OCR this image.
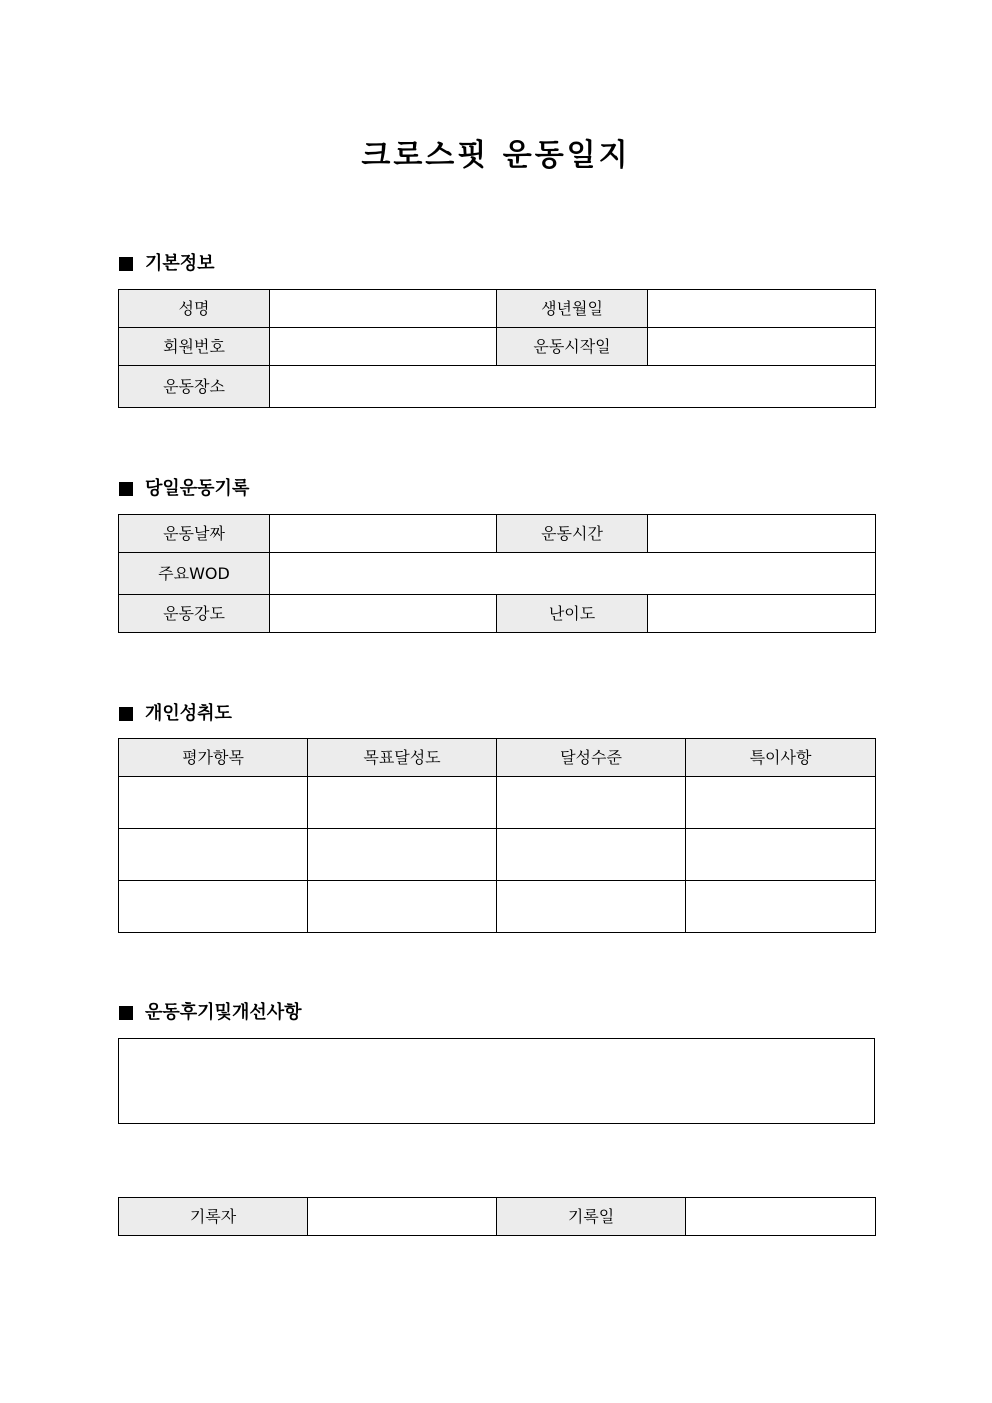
크로스핏 운동일지
기본정보
성명		생년월일	
회원번호		운동시작일	
운동장소			
당일운동기록
운동날짜		운동시간	
주요WOD			
운동강도		난이도	
개인성취도
평가항목	목표달성도	달성수준	특이사항

운동후기및개선사항
기록자		기록일	
